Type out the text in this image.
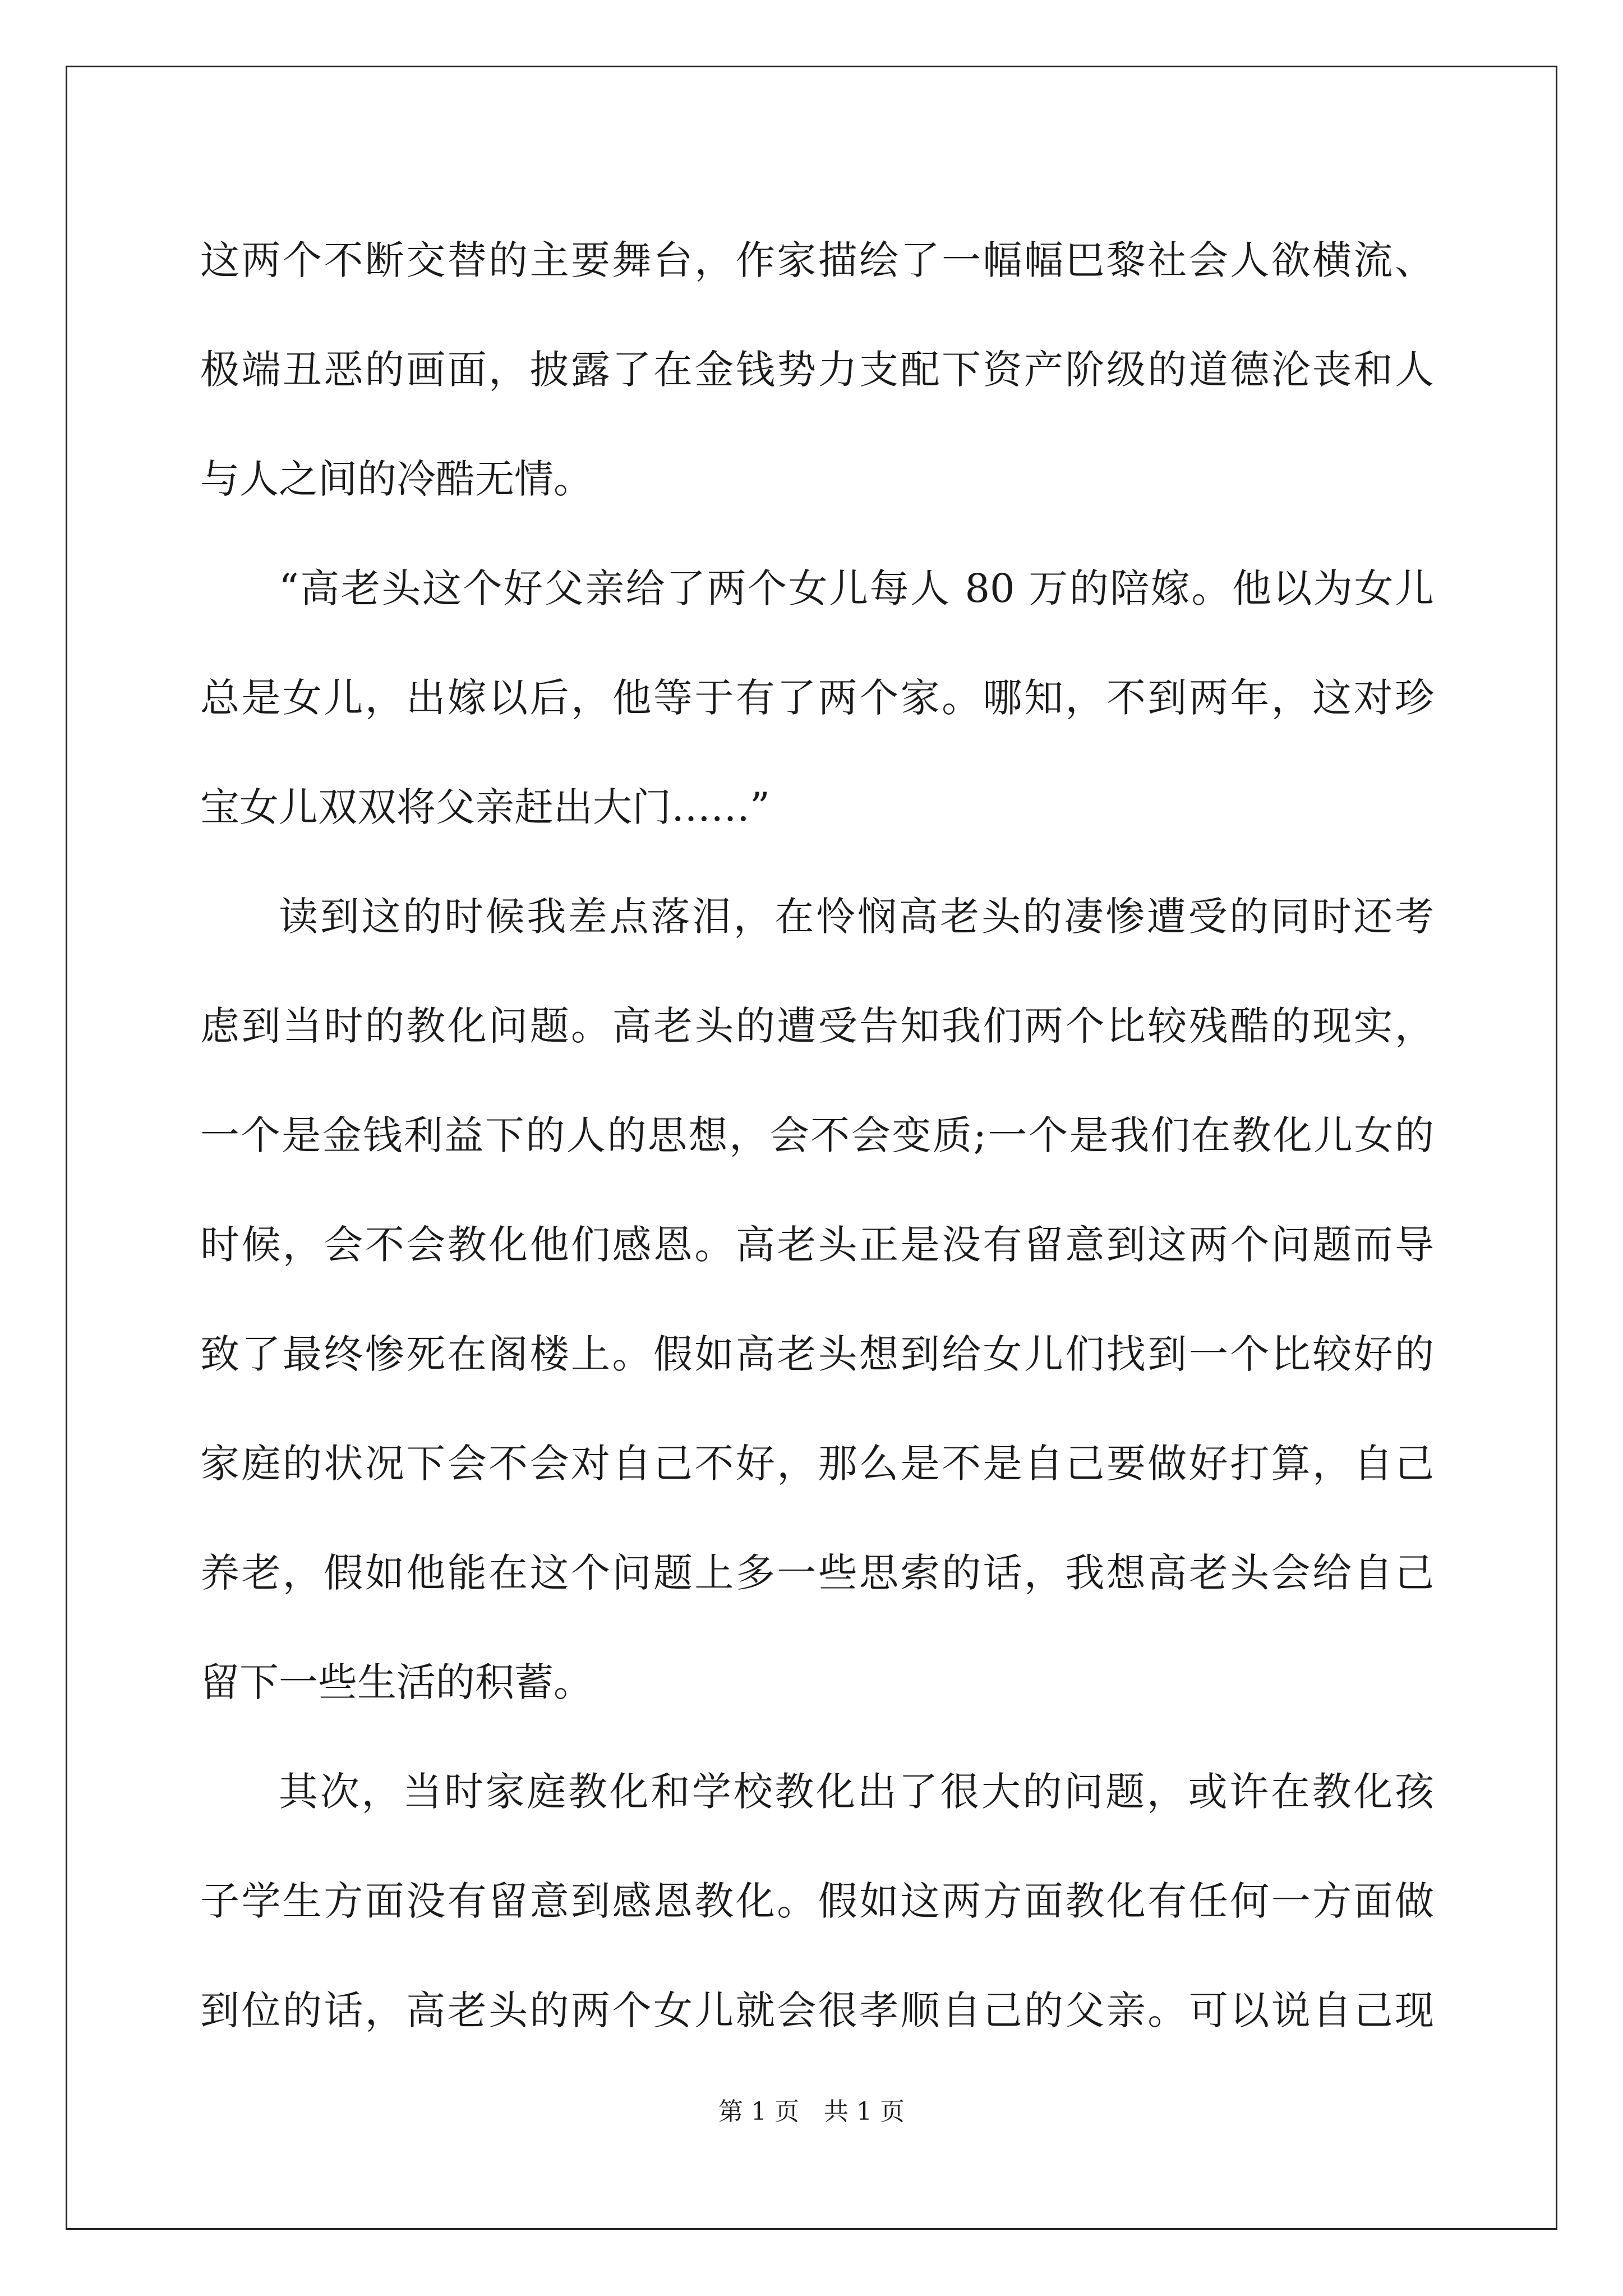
这两个不断交替的主要舞台，作家描绘了一幅幅巴黎社会人欲横流、
极端丑恶的画面，披露了在金钱势力支配下资产阶级的道德沦丧和人
与人之间的冷酷无情。
“高老头这个好父亲给了两个女儿每人 80 万的陪嫁。他以为女儿
总是女儿，出嫁以后，他等于有了两个家。哪知，不到两年，这对珍
宝女儿双双将父亲赶出大门……”
读到这的时候我差点落泪，在怜悯高老头的凄惨遭受的同时还考
虑到当时的教化问题。高老头的遭受告知我们两个比较残酷的现实，
一个是金钱利益下的人的思想，会不会变质;一个是我们在教化儿女的
时候，会不会教化他们感恩。高老头正是没有留意到这两个问题而导
致了最终惨死在阁楼上。假如高老头想到给女儿们找到一个比较好的
家庭的状况下会不会对自己不好，那么是不是自己要做好打算，自己
养老，假如他能在这个问题上多一些思索的话，我想高老头会给自己
留下一些生活的积蓄。
其次，当时家庭教化和学校教化出了很大的问题，或许在教化孩
子学生方面没有留意到感恩教化。假如这两方面教化有任何一方面做
到位的话，高老头的两个女儿就会很孝顺自己的父亲。可以说自己现
第 1 页　共 1 页
